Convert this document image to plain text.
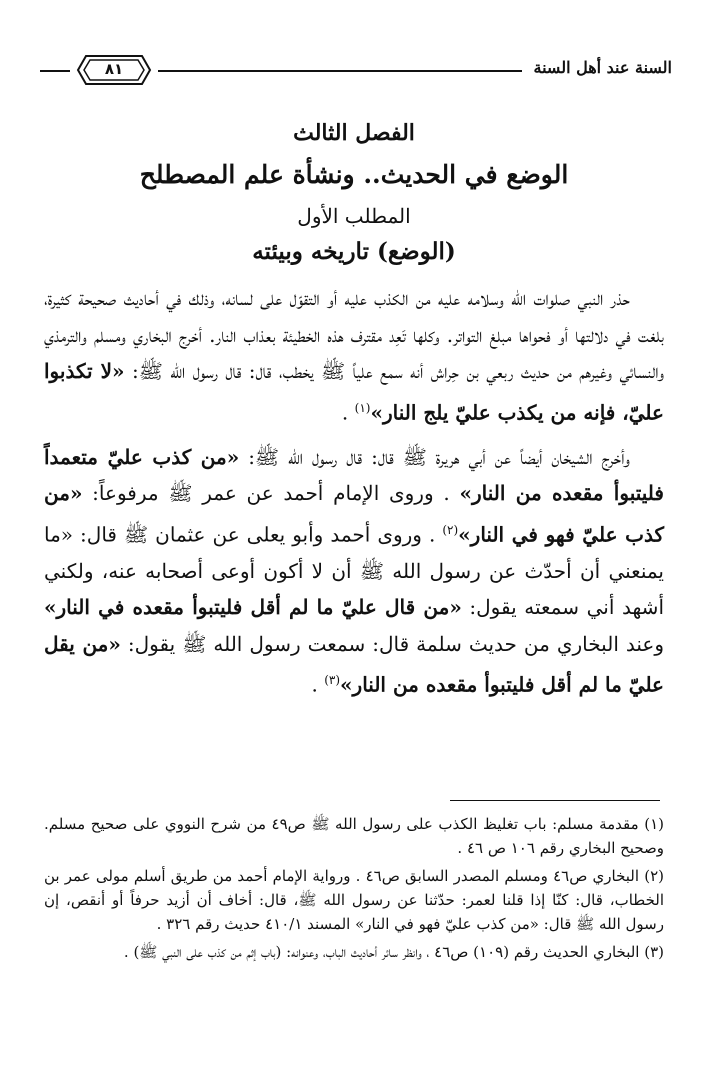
السنة عند أهل السنة
٨١
الفصل الثالث
الوضع في الحديث.. ونشأة علم المصطلح
المطلب الأول
(الوضع) تاريخه وبيئته

حذر النبي صلوات الله وسلامه عليه من الكذب عليه أو التقوّل على لسانه، وذلك في أحاديث صحيحة كثيرة، بلغت في دلالتها أو فحواها مبلغ التواتر. وكلها تَعِد مقترف هذه الخطيئة بعذاب النار. أخرج البخاري ومسلم والترمذي والنسائي وغيرهم من حديث ربعي بن حِراش أنه سمع علياً ﷺ يخطب، قال: قال رسول الله ﷺ: «لا تكذبوا عليّ، فإنه من يكذب عليّ يلج النار»$^{(١)}$ .

وأخرج الشيخان أيضاً عن أبي هريرة ﷺ قال: قال رسول الله ﷺ: «من كذب عليّ متعمداً فليتبوأ مقعده من النار» . وروى الإمام أحمد عن عمر ﷺ مرفوعاً: «من كذب عليّ فهو في النار»$^{(٢)}$ . وروى أحمد وأبو يعلى عن عثمان ﷺ قال: «ما يمنعني أن أحدّث عن رسول الله ﷺ أن لا أكون أوعى أصحابه عنه، ولكني أشهد أني سمعته يقول: «من قال عليّ ما لم أقل فليتبوأ مقعده في النار» وعند البخاري من حديث سلمة قال: سمعت رسول الله ﷺ يقول: «من يقل عليّ ما لم أقل فليتبوأ مقعده من النار»$^{(٣)}$ .

(١) مقدمة مسلم: باب تغليظ الكذب على رسول الله ﷺ ص٤٩ من شرح النووي على صحيح مسلم. وصحيح البخاري رقم ١٠٦ ص ٤٦ .

(٢) البخاري ص٤٦ ومسلم المصدر السابق ص٤٦ . ورواية الإمام أحمد من طريق أسلم مولى عمر بن الخطاب، قال: كنّا إذا قلنا لعمر: حدّثنا عن رسول الله ﷺ، قال: أخاف أن أزيد حرفاً أو أنقص، إن رسول الله ﷺ قال: «من كذب عليّ فهو في النار» المسند ٤١٠/١ حديث رقم ٣٢٦ .

(٣) البخاري الحديث رقم (١٠٩) ص٤٦ ، وانظر سائر أحاديث الباب، وعنوانه: (باب إثم من كذب على النبي ﷺ) .
